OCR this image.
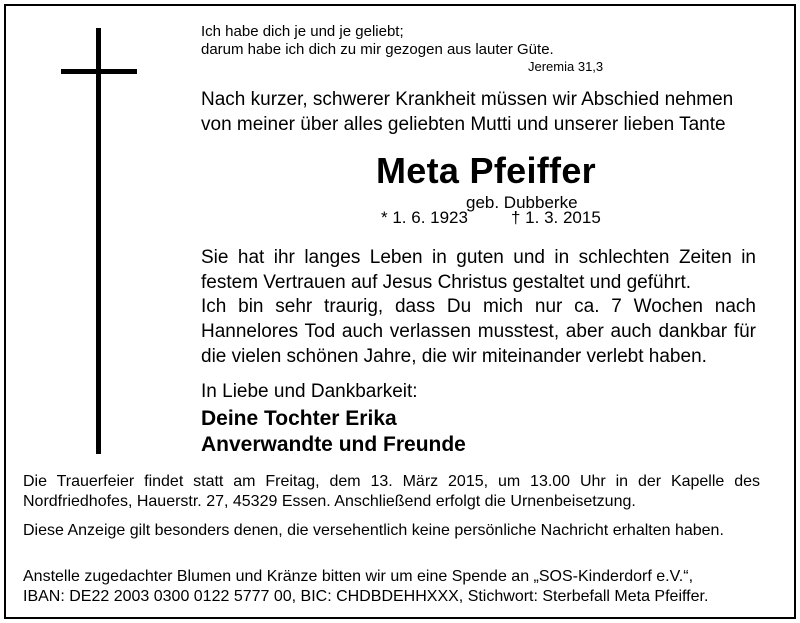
Ich habe dich je und je geliebt;
darum habe ich dich zu mir gezogen aus lauter Güte.
Jeremia 31,3
Nach kurzer, schwerer Krankheit müssen wir Abschied nehmen
von meiner über alles geliebten Mutti und unserer lieben Tante
Meta Pfeiffer
geb. Dubberke
* 1. 6. 1923	† 1. 3. 2015
Sie hat ihr langes Leben in guten und in schlechten Zeiten in festem Vertrauen auf Jesus Christus gestaltet und geführt.
Ich bin sehr traurig, dass Du mich nur ca. 7 Wochen nach Hannelores Tod auch verlassen musstest, aber auch dankbar für die vielen schönen Jahre, die wir miteinander verlebt haben.
In Liebe und Dankbarkeit:
Deine Tochter Erika
Anverwandte und Freunde
Die Trauerfeier findet statt am Freitag, dem 13. März 2015, um 13.00 Uhr in der Kapelle des Nordfriedhofes, Hauerstr. 27, 45329 Essen. Anschließend erfolgt die Urnenbeisetzung.
Diese Anzeige gilt besonders denen, die versehentlich keine persönliche Nachricht erhalten haben.
Anstelle zugedachter Blumen und Kränze bitten wir um eine Spende an „SOS-Kinderdorf e.V.“,
IBAN: DE22 2003 0300 0122 5777 00, BIC: CHDBDEHHXXX, Stichwort: Sterbefall Meta Pfeiffer.
